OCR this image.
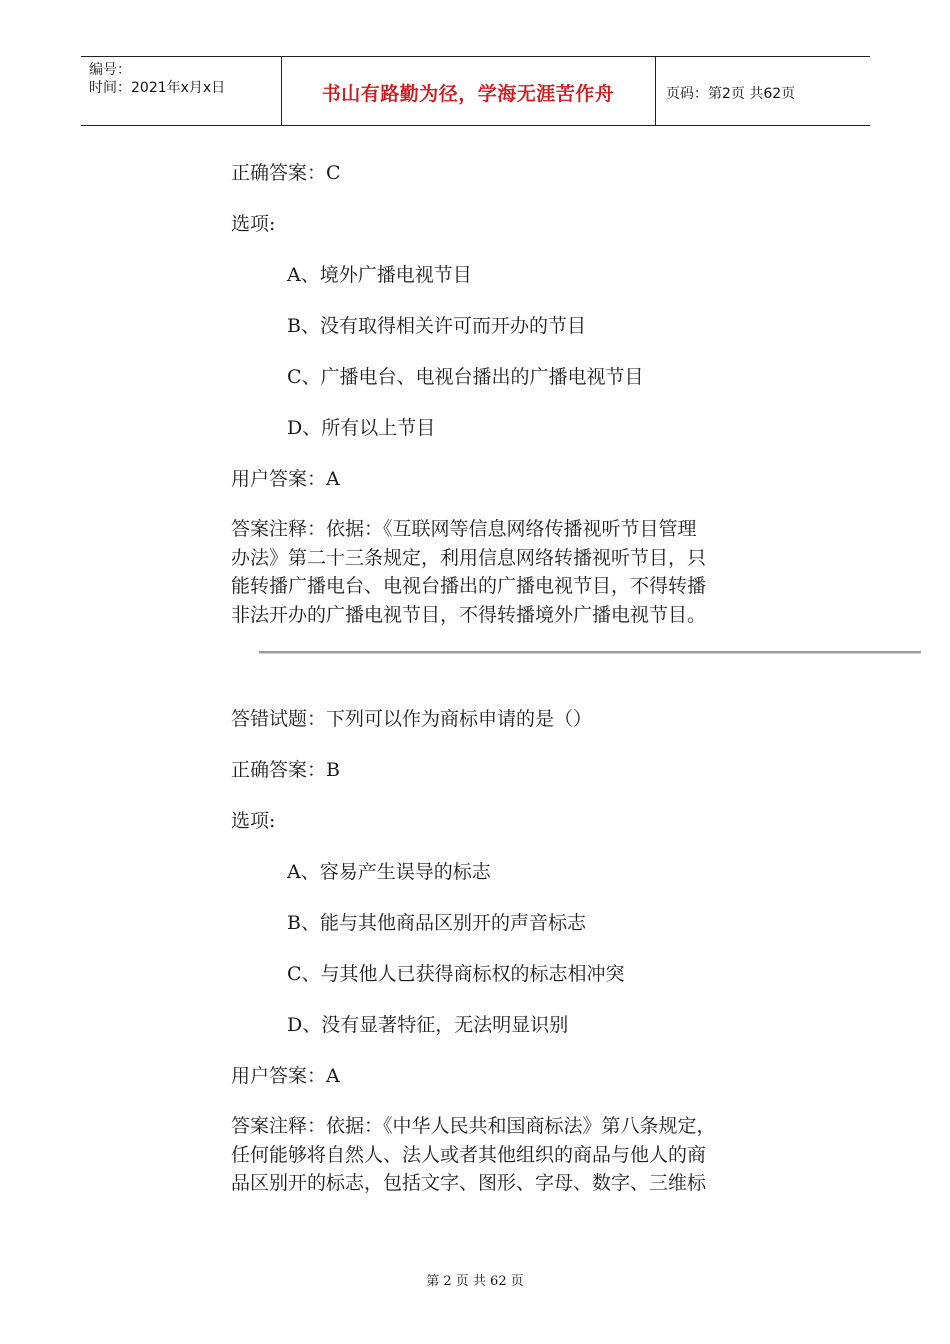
编号：
时间：2021年x月x日	书山有路勤为径，学海无涯苦作舟	页码：第2页 共62页
正确答案：C
选项:
A、境外广播电视节目
B、没有取得相关许可而开办的节目
C、广播电台、电视台播出的广播电视节目
D、所有以上节目
用户答案：A
答案注释：依据：《互联网等信息网络传播视听节目管理
办法》第二十三条规定，利用信息网络转播视听节目，只
能转播广播电台、电视台播出的广播电视节目，不得转播
非法开办的广播电视节目，不得转播境外广播电视节目。
答错试题：下列可以作为商标申请的是（）
正确答案：B
选项:
A、容易产生误导的标志
B、能与其他商品区别开的声音标志
C、与其他人已获得商标权的标志相冲突
D、没有显著特征，无法明显识别
用户答案：A
答案注释：依据：《中华人民共和国商标法》第八条规定，
任何能够将自然人、法人或者其他组织的商品与他人的商
品区别开的标志，包括文字、图形、字母、数字、三维标
第 2 页 共 62 页
